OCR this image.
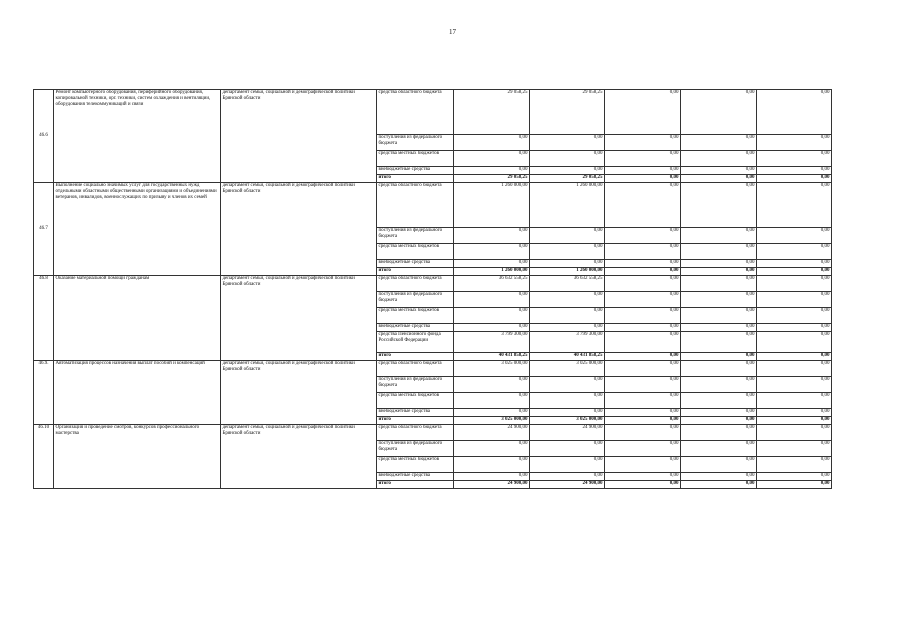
17
46.6	Ремонт компьютерного оборудования, периферийного оборудования, копировальной техники, орг. техники, систем охлаждения и вентиляции, оборудования телекоммуникаций и связи	департамент семьи, социальной и демографической политики Брянской области	средства областного бюджета	29 058,25	29 058,25	0,00	0,00	0,00
			поступления из федерального бюджета	0,00	0,00	0,00	0,00	0,00
			средства местных бюджетов	0,00	0,00	0,00	0,00	0,00
			внебюджетные средства	0,00	0,00	0,00	0,00	0,00
			итого	29 058,25	29 058,25	0,00	0,00	0,00
46.7	Выполнение социально значимых услуг для государственных нужд отдельными областными общественными организациями и объединениями ветеранов, инвалидов, военнослужащих по призыву и членов их семей	департамент семьи, социальной и демографической политики Брянской области	средства областного бюджета	1 260 000,00	1 260 000,00	0,00	0,00	0,00
			поступления из федерального бюджета	0,00	0,00	0,00	0,00	0,00
			средства местных бюджетов	0,00	0,00	0,00	0,00	0,00
			внебюджетные средства	0,00	0,00	0,00	0,00	0,00
			итого	1 260 000,00	1 260 000,00	0,00	0,00	0,00
46.8	Оказание материальной помощи гражданам	департамент семьи, социальной и демографической политики Брянской области	средства областного бюджета	36 632 558,25	36 632 558,25	0,00	0,00	0,00
			поступления из федерального бюджета	0,00	0,00	0,00	0,00	0,00
			средства местных бюджетов	0,00	0,00	0,00	0,00	0,00
			внебюджетные средства	0,00	0,00	0,00	0,00	0,00
			средства Пенсионного фонда Российской Федерации	3 799 300,00	3 799 300,00	0,00	0,00	0,00
			итого	40 431 858,25	40 431 858,25	0,00	0,00	0,00
46.9.	Автоматизация процессов назначения выплат пособий и компенсаций	департамент семьи, социальной и демографической политики Брянской области	средства областного бюджета	3 025 000,00	3 025 000,00	0,00	0,00	0,00
			поступления из федерального бюджета	0,00	0,00	0,00	0,00	0,00
			средства местных бюджетов	0,00	0,00	0,00	0,00	0,00
			внебюджетные средства	0,00	0,00	0,00	0,00	0,00
			итого	3 025 000,00	3 025 000,00	0,00	0,00	0,00
46.10	Организация и проведение смотров, конкурсов профессионального мастерства	департамент семьи, социальной и демографической политики Брянской области	средства областного бюджета	24 900,00	24 900,00	0,00	0,00	0,00
			поступления из федерального бюджета	0,00	0,00	0,00	0,00	0,00
			средства местных бюджетов	0,00	0,00	0,00	0,00	0,00
			внебюджетные средства	0,00	0,00	0,00	0,00	0,00
			итого	24 900,00	24 900,00	0,00	0,00	0,00
